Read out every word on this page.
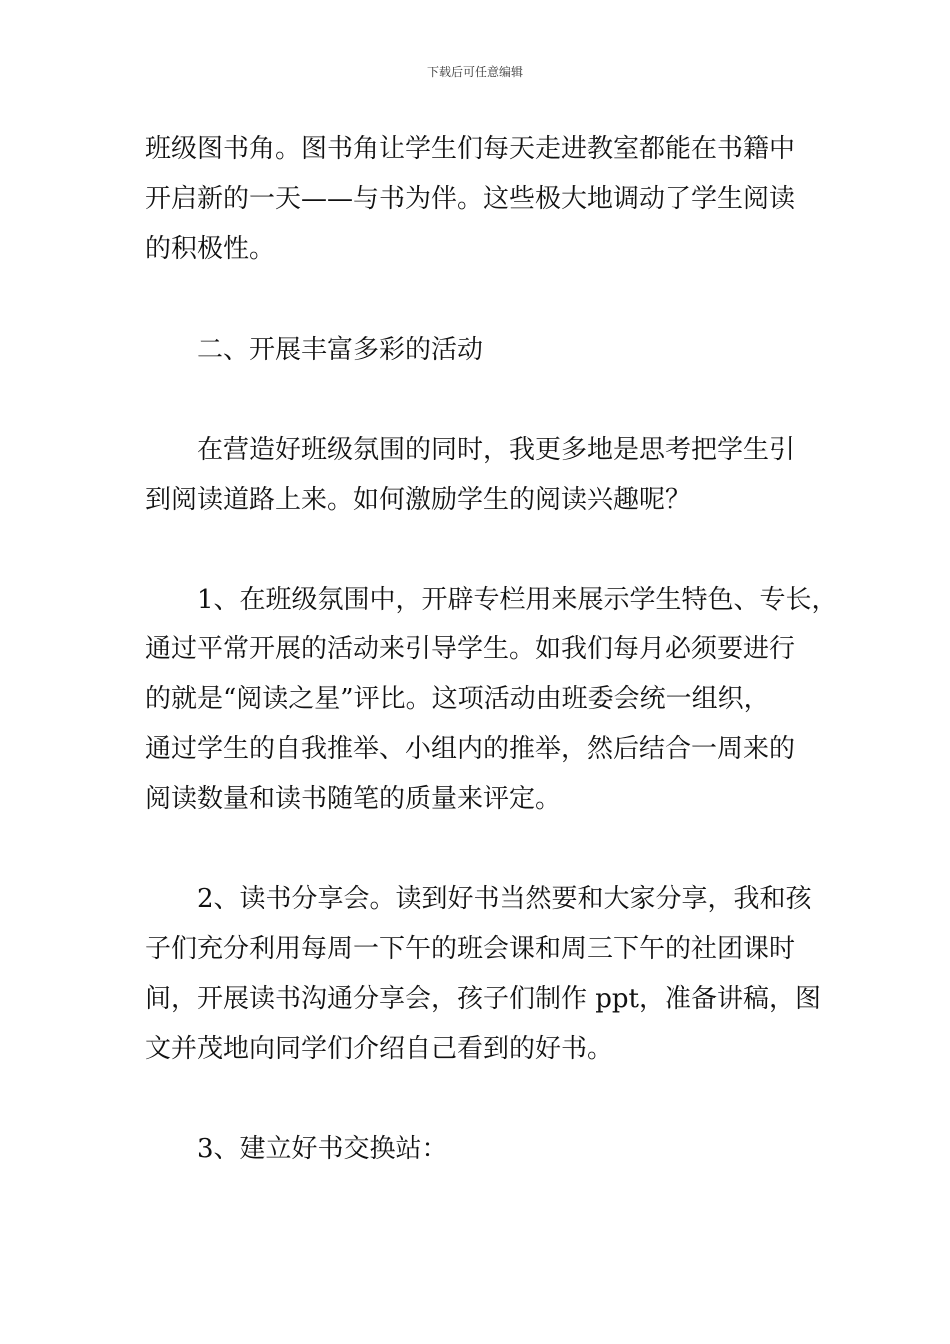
下载后可任意编辑
班级图书角。图书角让学生们每天走进教室都能在书籍中
开启新的一天——与书为伴。这些极大地调动了学生阅读
的积极性。
二、开展丰富多彩的活动
在营造好班级氛围的同时，我更多地是思考把学生引
到阅读道路上来。如何激励学生的阅读兴趣呢？
1、在班级氛围中，开辟专栏用来展示学生特色、专长，
通过平常开展的活动来引导学生。如我们每月必须要进行
的就是“阅读之星”评比。这项活动由班委会统一组织，
通过学生的自我推举、小组内的推举，然后结合一周来的
阅读数量和读书随笔的质量来评定。
2、读书分享会。读到好书当然要和大家分享，我和孩
子们充分利用每周一下午的班会课和周三下午的社团课时
间，开展读书沟通分享会，孩子们制作 ppt，准备讲稿，图
文并茂地向同学们介绍自己看到的好书。
3、建立好书交换站：
